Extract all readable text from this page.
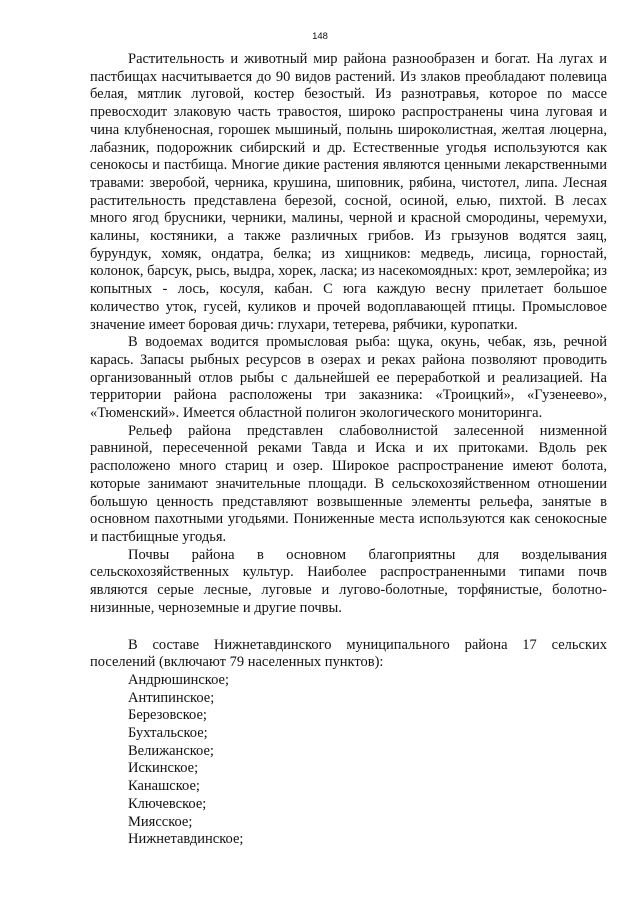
148

Растительность и животный мир района разнообразен и богат. На лугах и пастбищах насчитывается до 90 видов растений. Из злаков преобладают полевица белая, мятлик луговой, костер безостый. Из разнотравья, которое по массе превосходит злаковую часть травостоя, широко распространены чина луговая и чина клубненосная, горошек мышиный, полынь широколистная, желтая люцерна, лабазник, подорожник сибирский и др. Естественные угодья используются как сенокосы и пастбища. Многие дикие растения являются ценными лекарственными травами: зверобой, черника, крушина, шиповник, рябина, чистотел, липа. Лесная растительность представлена березой, сосной, осиной, елью, пихтой. В лесах много ягод брусники, черники, малины, черной и красной смородины, черемухи, калины, костяники, а также различных грибов. Из грызунов водятся заяц, бурундук, хомяк, ондатра, белка; из хищников: медведь, лисица, горностай, колонок, барсук, рысь, выдра, хорек, ласка; из насекомоядных: крот, землеройка; из копытных - лось, косуля, кабан. С юга каждую весну прилетает большое количество уток, гусей, куликов и прочей водоплавающей птицы. Промысловое значение имеет боровая дичь: глухари, тетерева, рябчики, куропатки.

В водоемах водится промысловая рыба: щука, окунь, чебак, язь, речной карась. Запасы рыбных ресурсов в озерах и реках района позволяют проводить организованный отлов рыбы с дальнейшей ее переработкой и реализацией. На территории района расположены три заказника: «Троицкий», «Гузенеево», «Тюменский». Имеется областной полигон экологического мониторинга.

Рельеф района представлен слабоволнистой залесенной низменной равниной, пересеченной реками Тавда и Иска и их притоками. Вдоль рек расположено много стариц и озер. Широкое распространение имеют болота, которые занимают значительные площади. В сельскохозяйственном отношении большую ценность представляют возвышенные элементы рельефа, занятые в основном пахотными угодьями. Пониженные места используются как сенокосные и пастбищные угодья.

Почвы района в основном благоприятны для возделывания сельскохозяйственных культур. Наиболее распространенными типами почв являются серые лесные, луговые и лугово-болотные, торфянистые, болотно-низинные, черноземные и другие почвы.

В составе Нижнетавдинского муниципального района 17 сельских поселений (включают 79 населенных пунктов):

Андрюшинское;
Антипинское;
Березовское;
Бухтальское;
Велижанское;
Искинское;
Канашское;
Ключевское;
Миясское;
Нижнетавдинское;
